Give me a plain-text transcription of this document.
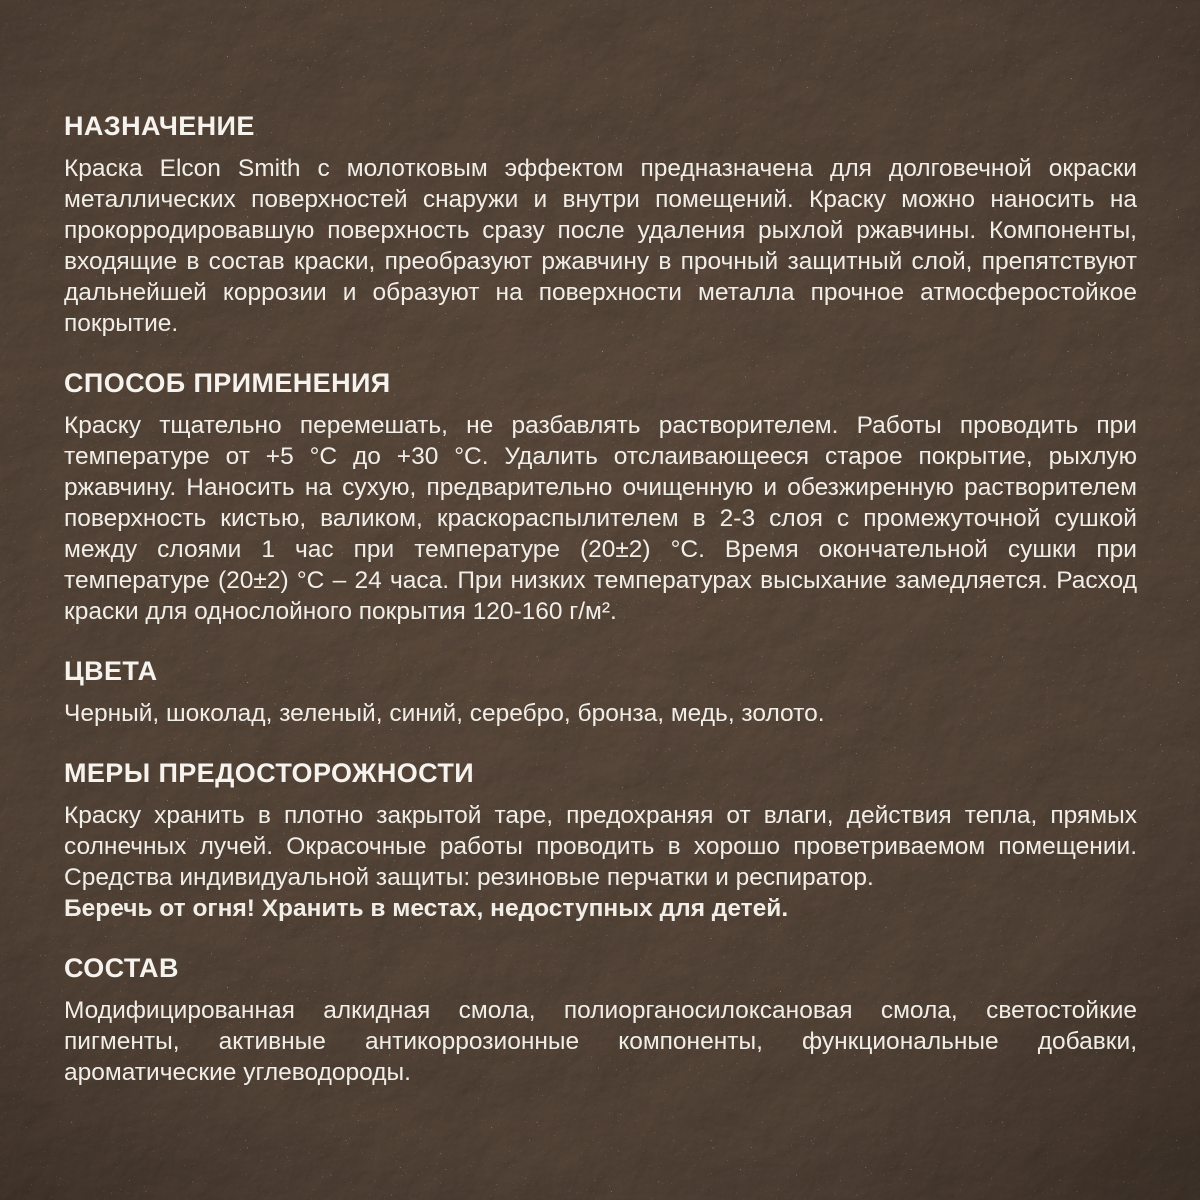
НАЗНАЧЕНИЕ

Краска Elcon Smith с молотковым эффектом предназначена для долговечной окраски металлических поверхностей снаружи и внутри помещений. Краску можно наносить на прокорродировавшую поверхность сразу после удаления рыхлой ржавчины. Компоненты, входящие в состав краски, преобразуют ржавчину в прочный защитный слой, препятствуют дальнейшей коррозии и образуют на поверхности металла прочное атмосферостойкое покрытие.

СПОСОБ ПРИМЕНЕНИЯ

Краску тщательно перемешать, не разбавлять растворителем. Работы проводить при температуре от +5 °С до +30 °С. Удалить отслаивающееся старое покрытие, рыхлую ржавчину. Наносить на сухую, предварительно очищенную и обезжиренную растворителем поверхность кистью, валиком, краскораспылителем в 2-3 слоя с промежуточной сушкой между слоями 1 час при температуре (20±2) °С. Время окончательной сушки при температуре (20±2) °С – 24 часа. При низких температурах высыхание замедляется. Расход краски для однослойного покрытия 120-160 г/м².

ЦВЕТА

Черный, шоколад, зеленый, синий, серебро, бронза, медь, золото.

МЕРЫ ПРЕДОСТОРОЖНОСТИ

Краску хранить в плотно закрытой таре, предохраняя от влаги, действия тепла, прямых солнечных лучей. Окрасочные работы проводить в хорошо проветриваемом помещении. Средства индивидуальной защиты: резиновые перчатки и респиратор.

Беречь от огня! Хранить в местах, недоступных для детей.

СОСТАВ

Модифицированная алкидная смола, полиорганосилоксановая смола, светостойкие пигменты, активные антикоррозионные компоненты, функциональные добавки, ароматические углеводороды.
